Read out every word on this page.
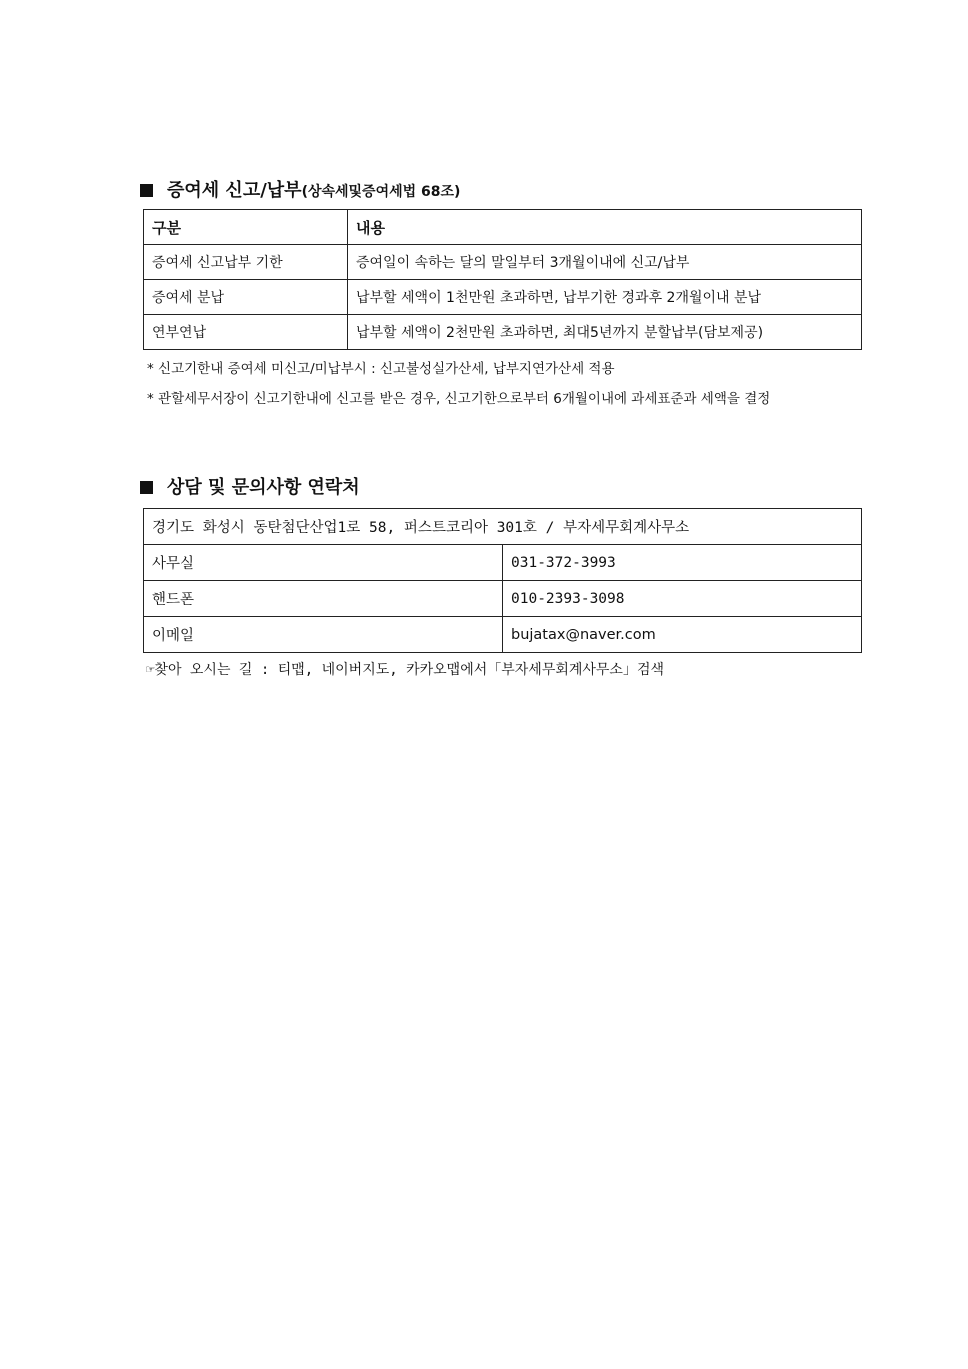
증여세 신고/납부 (상속세및증여세법 68조)
구분	내용
증여세 신고납부 기한	증여일이 속하는 달의 말일부터 3개월이내에 신고/납부
증여세 분납	납부할 세액이 1천만원 초과하면, 납부기한 경과후 2개월이내 분납
연부연납	납부할 세액이 2천만원 초과하면, 최대5년까지 분할납부(담보제공)
* 신고기한내 증여세 미신고/미납부시 : 신고불성실가산세, 납부지연가산세 적용
* 관할세무서장이 신고기한내에 신고를 받은 경우, 신고기한으로부터 6개월이내에 과세표준과 세액을 결정
상담 및 문의사항 연락처
경기도 화성시 동탄첨단산업1로 58, 퍼스트코리아 301호 / 부자세무회계사무소	
사무실	031-372-3993
핸드폰	010-2393-3098
이메일	bujatax@naver.com
☞찾아 오시는 길 : 티맵, 네이버지도, 카카오맵에서「부자세무회계사무소」검색
